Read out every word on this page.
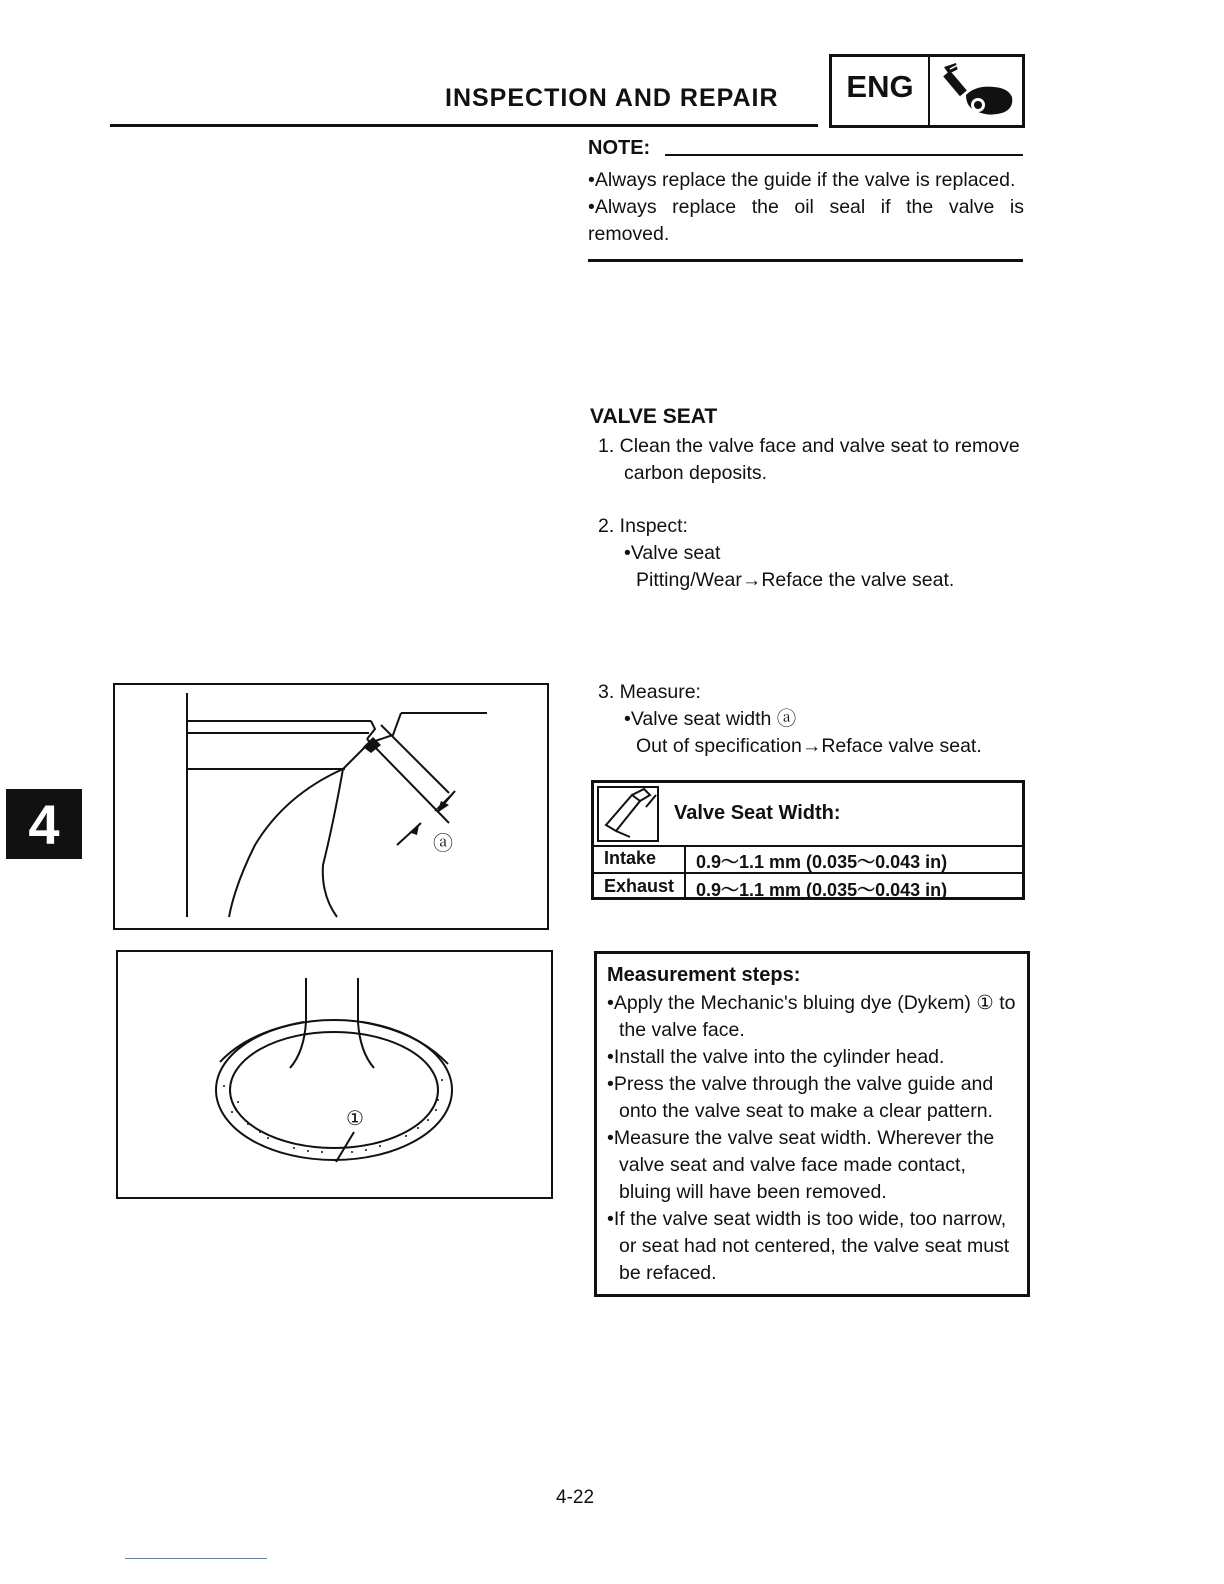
INSPECTION AND REPAIR	ENG
NOTE:

•Always replace the guide if the valve is replaced.

•Always replace the oil seal if the valve is removed.

VALVE SEAT

1. Clean the valve face and valve seat to remove

carbon deposits.

2. Inspect:

•Valve seat

Pitting/Wear→Reface the valve seat.

3. Measure:

•Valve seat width ⓐ

Out of specification→Reface valve seat.

4	ⓐ
①
Valve Seat Width:
Intake 0.9～1.1 mm (0.035～0.043 in)
Exhaust 0.9～1.1 mm (0.035～0.043 in)
Measurement steps:

•Apply the Mechanic's bluing dye (Dykem) ① to the valve face.

•Install the valve into the cylinder head.

•Press the valve through the valve guide and onto the valve seat to make a clear pattern.

•Measure the valve seat width. Wherever the valve seat and valve face made contact, bluing will have been removed.

•If the valve seat width is too wide, too narrow, or seat had not centered, the valve seat must be refaced.

4-22
